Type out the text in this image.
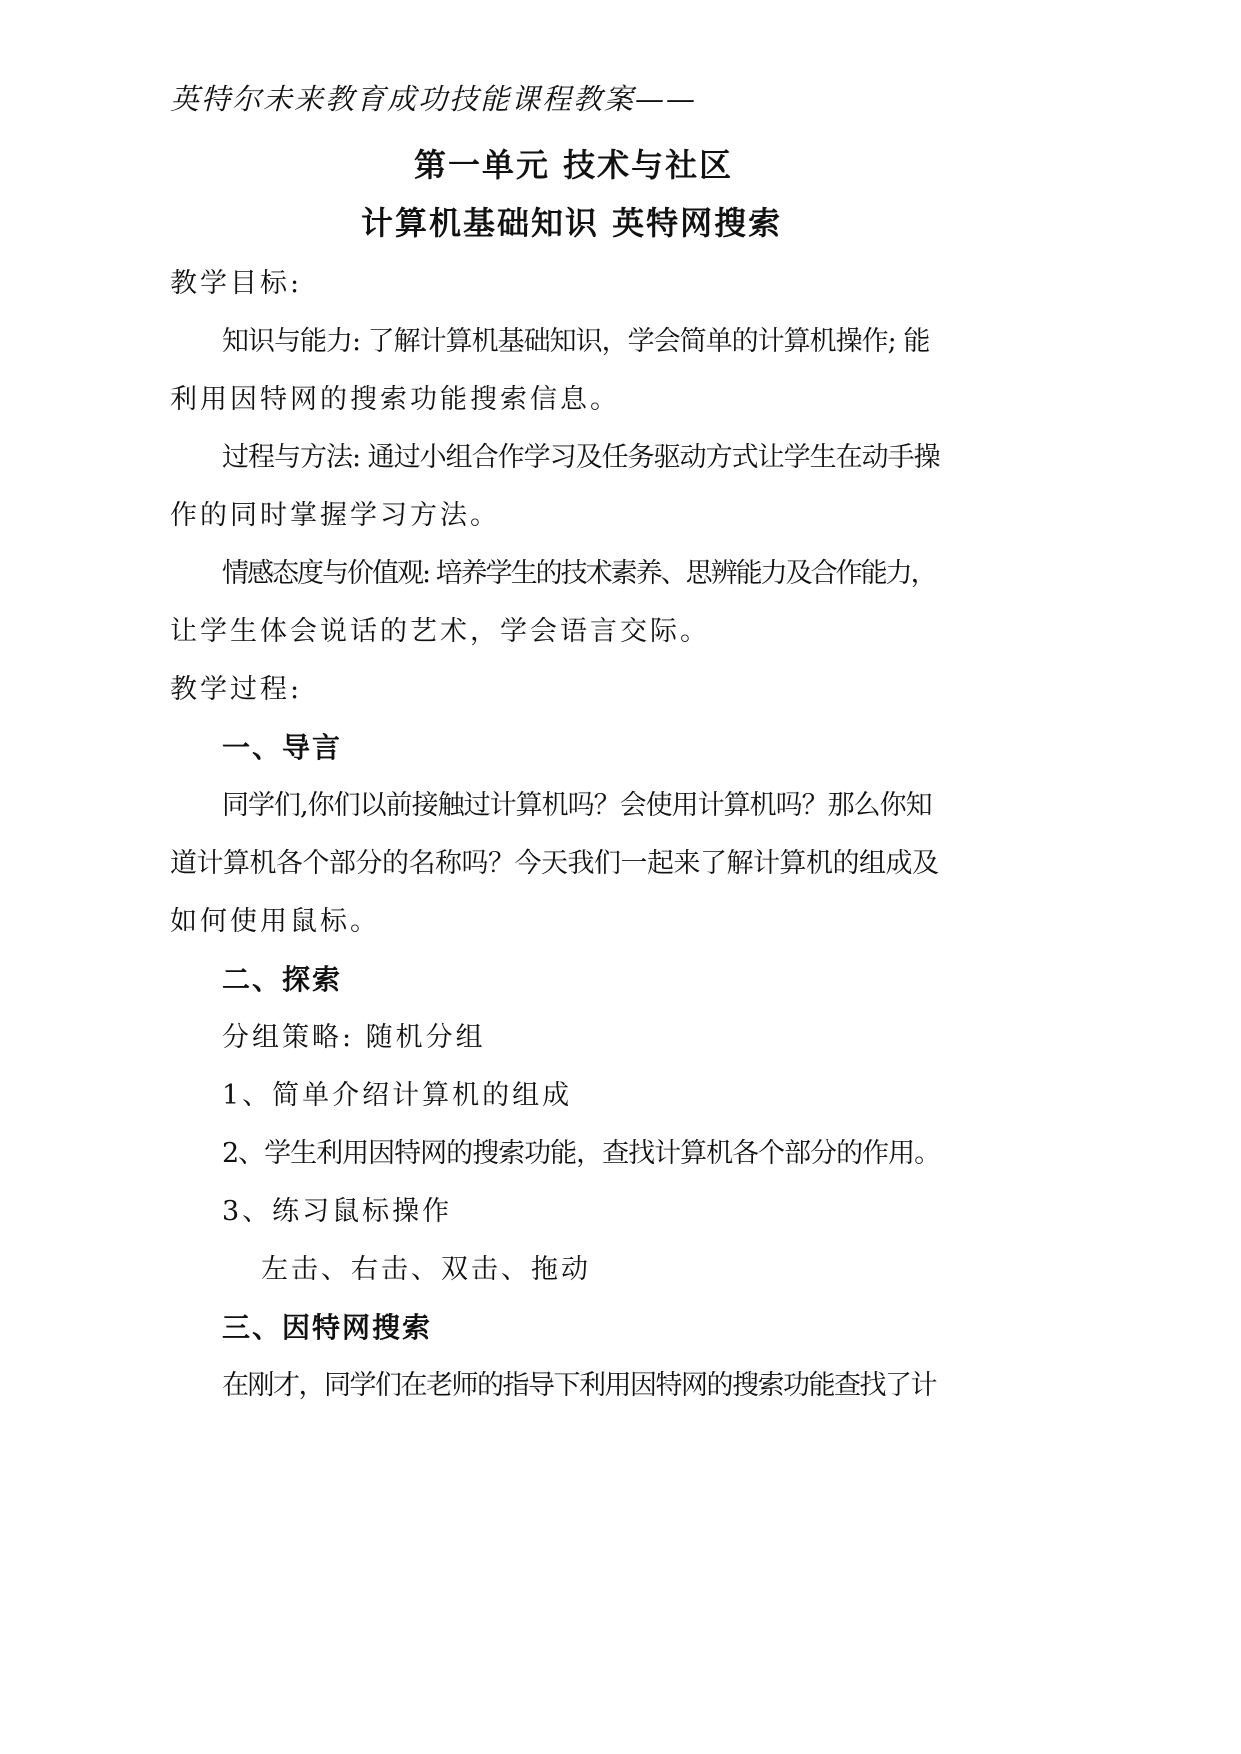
英特尔未来教育成功技能课程教案——
第一单元 技术与社区
计算机基础知识 英特网搜索
教学目标:
知识与能力: 了解计算机基础知识，学会简单的计算机操作; 能
利用因特网的搜索功能搜索信息。
过程与方法: 通过小组合作学习及任务驱动方式让学生在动手操
作的同时掌握学习方法。
情感态度与价值观: 培养学生的技术素养、思辨能力及合作能力，
让学生体会说话的艺术，学会语言交际。
教学过程:
一、导言
同学们,你们以前接触过计算机吗？会使用计算机吗？那么你知
道计算机各个部分的名称吗？今天我们一起来了解计算机的组成及
如何使用鼠标。
二、探索
分组策略: 随机分组
1、简单介绍计算机的组成
2、学生利用因特网的搜索功能，查找计算机各个部分的作用。
3、练习鼠标操作
左击、右击、双击、拖动
三、因特网搜索
在刚才，同学们在老师的指导下利用因特网的搜索功能查找了计
